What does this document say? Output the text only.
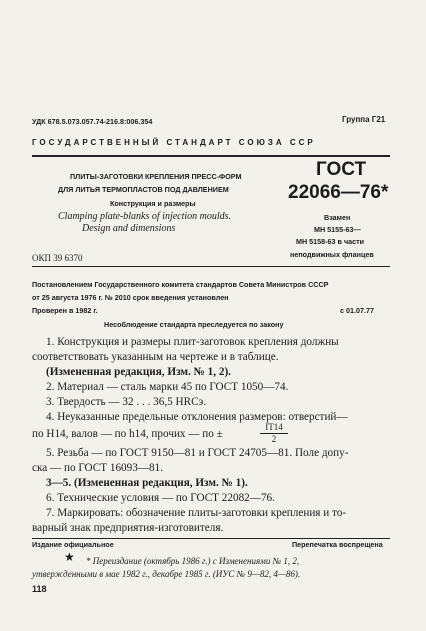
УДК 678.5.073.057.74-216.8:006.354	Группа Г21
ГОСУДАРСТВЕННЫЙ СТАНДАРТ СОЮЗА ССР
ПЛИТЫ-ЗАГОТОВКИ КРЕПЛЕНИЯ ПРЕСС-ФОРМ
ДЛЯ ЛИТЬЯ ТЕРМОПЛАСТОВ ПОД ДАВЛЕНИЕМ
Конструкция и размеры
Clamping plate-blanks of injection moulds.
Design and dimensions
ГОСТ
22066—76*
Взамен
МН 5155-63—
МН 5158-63 в части
неподвижных фланцев
ОКП 39 6370
Постановлением Государственного комитета стандартов Совета Министров СССР
от 25 августа 1976 г. № 2010 срок введения установлен
Проверен в 1982 г.	с 01.07.77
Несоблюдение стандарта преследуется по закону
1. Конструкция и размеры плит-заготовок крепления должны
соответствовать указанным на чертеже и в таблице.
(Измененная редакция, Изм. № 1, 2).
2. Материал — сталь марки 45 по ГОСТ 1050—74.
3. Твердость — 32 . . . 36,5 HRCэ.
4. Неуказанные предельные отклонения размеров: отверстий—
по H14, валов — по h14, прочих — по ±
IT14
2
5. Резьба — по ГОСТ 9150—81 и ГОСТ 24705—81. Поле допу-
ска — по ГОСТ 16093—81.
3—5. (Измененная редакция, Изм. № 1).
6. Технические условия — по ГОСТ 22082—76.
7. Маркировать: обозначение плиты-заготовки крепления и то-
варный знак предприятия-изготовителя.
Издание официальное	Перепечатка воспрещена
★ * Переиздание (октябрь 1986 г.) с Изменениями № 1, 2,
утвержденными в мае 1982 г., декабре 1985 г. (ИУС № 9—82, 4—86).
118
